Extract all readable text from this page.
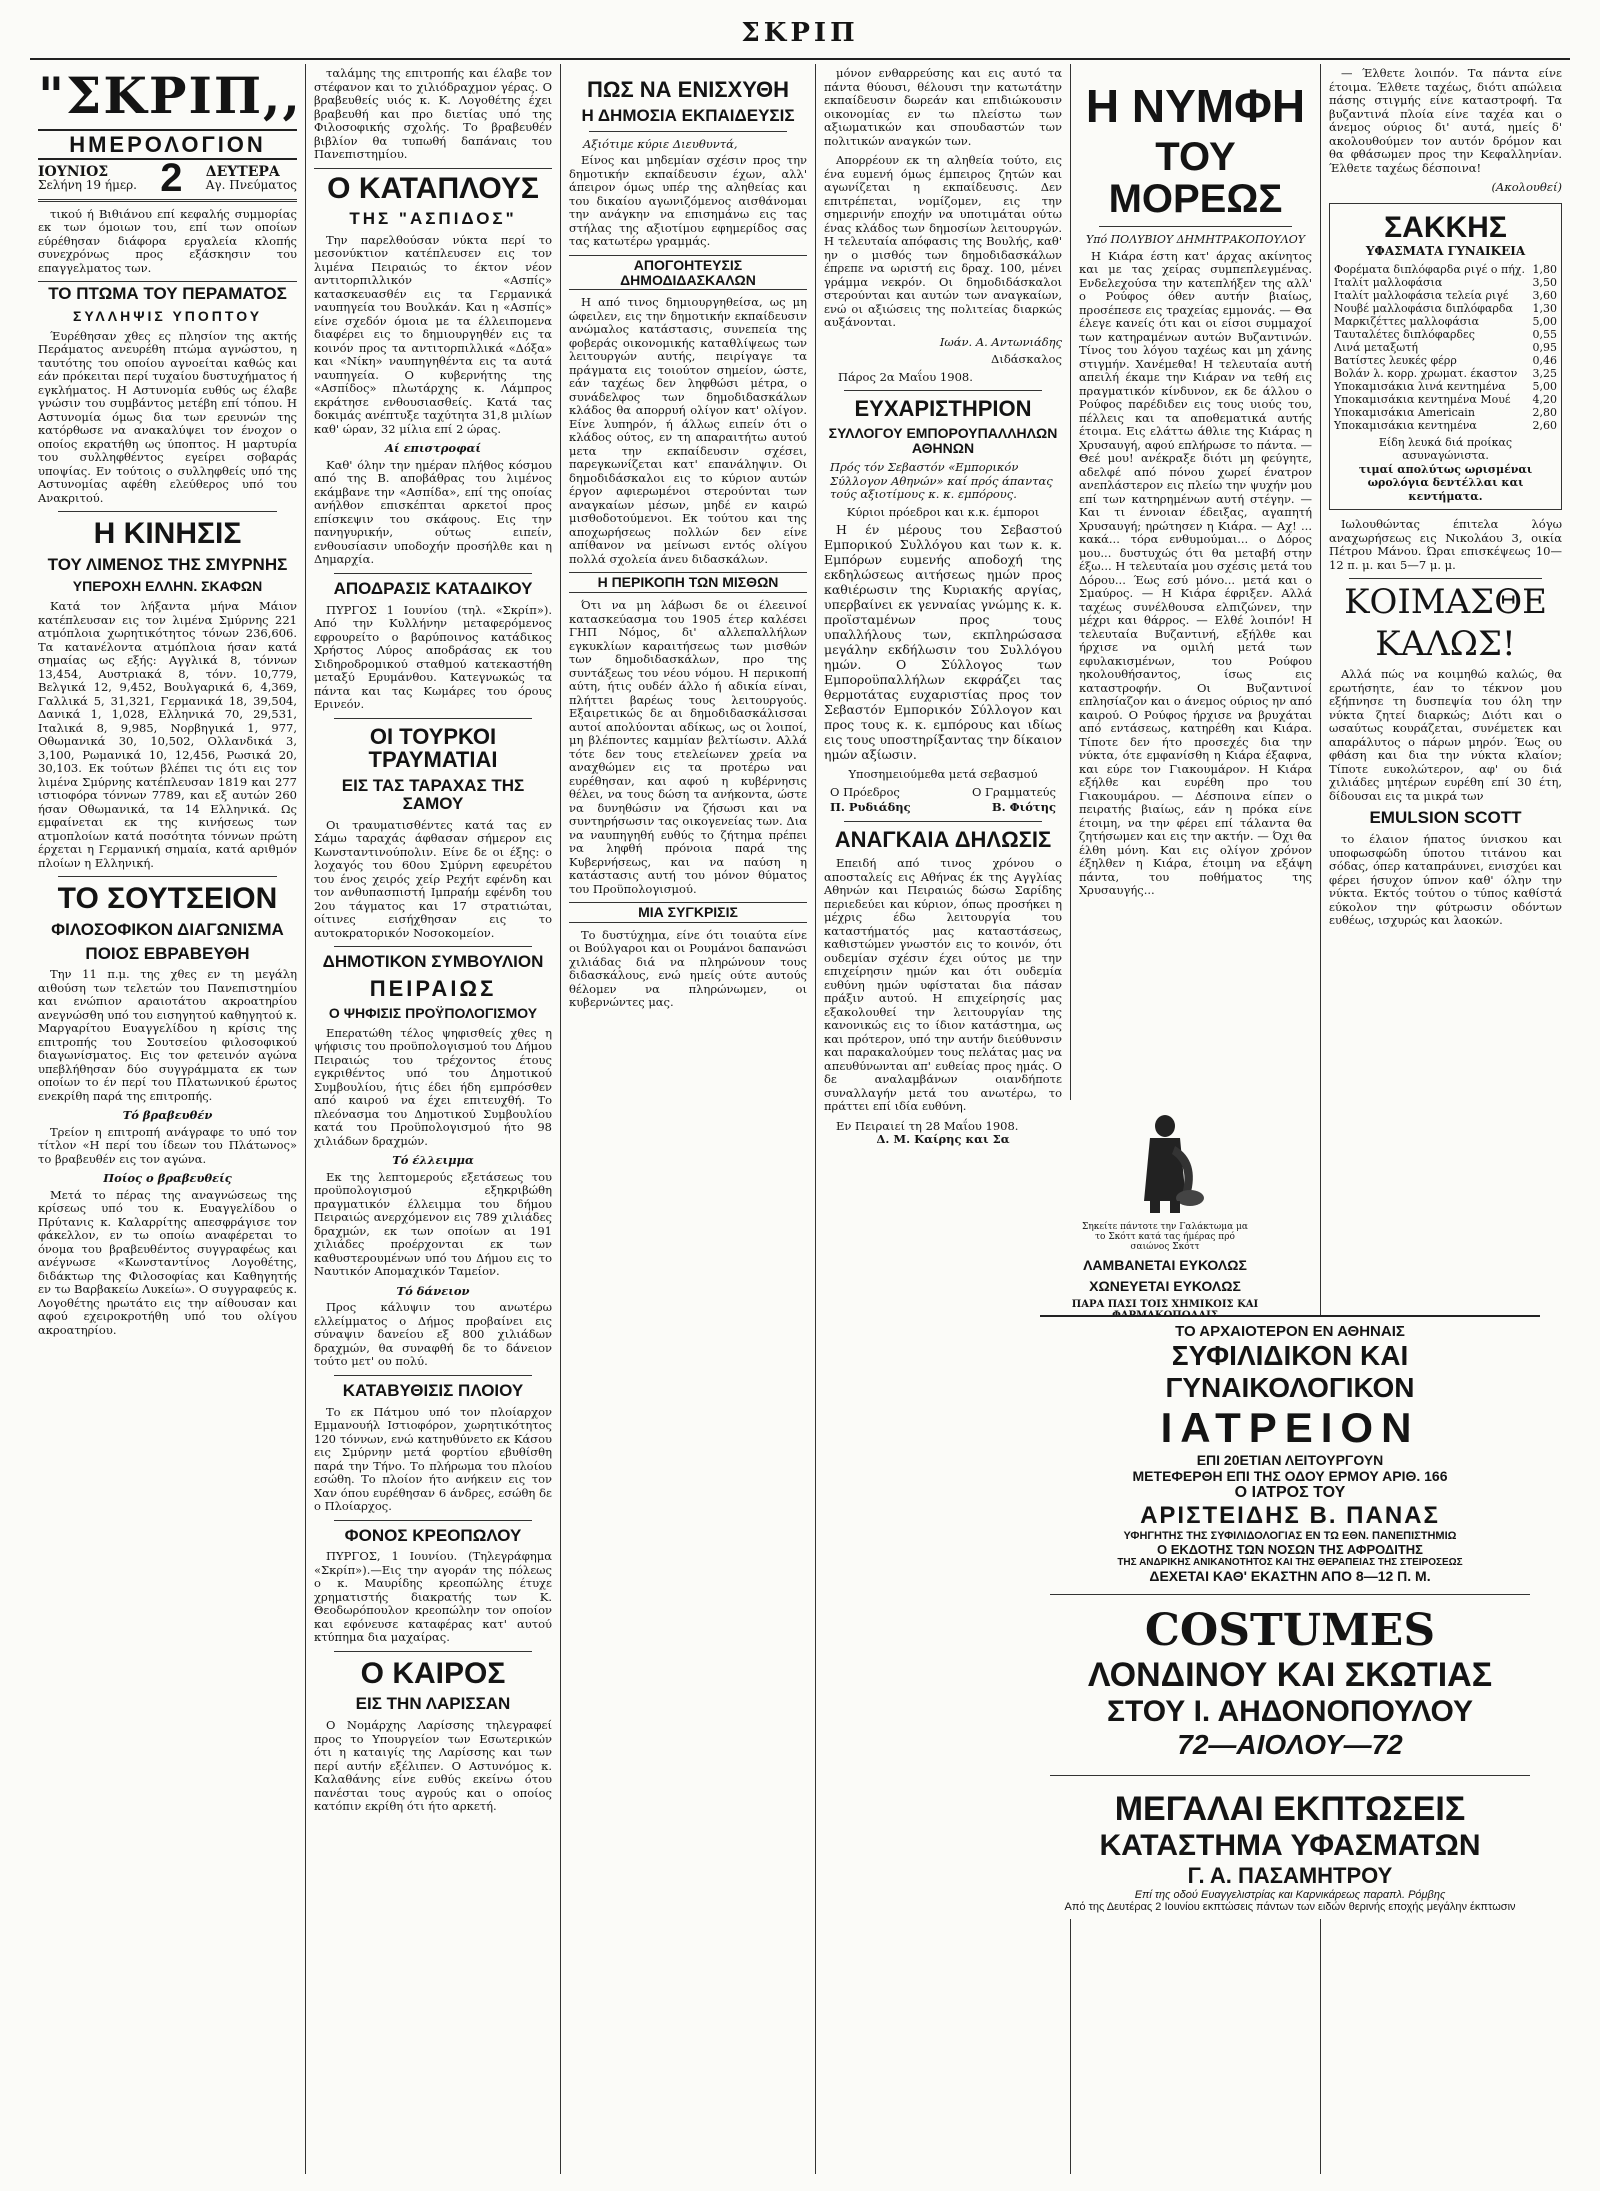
ΣΚΡΙΠ
"ΣΚΡΙΠ,,
ΗΜΕΡΟΛΟΓΙΟΝ
ΙΟΥΝΙΟΣ
Σελήνη 19 ήμερ. 2 ΔΕΥΤΕΡΑ
Αγ. Πνεύματος

τικού ή Βιθιάνου επί κεφαλής συμμορίας εκ των όμοιων του, επί των οποίων εύρέθησαν διάφορα εργαλεία κλοπής συνεχρόνως προς εξάσκησιν του επαγγελματος των.

ΤΟ ΠΤΩΜΑ ΤΟΥ ΠΕΡΑΜΑΤΟΣ
ΣΥΛΛΗΨΙΣ ΥΠΟΠΤΟΥ

Έυρέθησαν χθες ες πλησίον της ακτής Περάματος ανευρέθη πτώμα αγνώστου, η ταυτότης του οποίου αγνοείται καθώς και εάν πρόκειται περί τυχαίου δυστυχήματος ή εγκλήματος. Η Αστυνομία ευθύς ως έλαβε γνώσιν του συμβάντος μετέβη επί τόπου. Η Αστυνομία όμως δια των ερευνών της κατόρθωσε να ανακαλύψει τον ένοχον ο οποίος εκρατήθη ως ύποπτος. Η μαρτυρία του συλληφθέντος εγείρει σοβαράς υποψίας. Εν τούτοις ο συλληφθείς υπό της Αστυνομίας αφέθη ελεύθερος υπό του Ανακριτού.

Η ΚΙΝΗΣΙΣ
ΤΟΥ ΛΙΜΕΝΟΣ ΤΗΣ ΣΜΥΡΝΗΣ
ΥΠΕΡΟΧΗ ΕΛΛΗΝ. ΣΚΑΦΩΝ

Κατά τον λήξαντα μήνα Μάιον κατέπλευσαν εις τον λιμένα Σμύρνης 221 ατμόπλοια χωρητικότητος τόνων 236,606. Τα κατανέλοντα ατμόπλοια ήσαν κατά σημαίας ως εξής: Αγγλικά 8, τόννων 13,454, Αυστριακά 8, τόνν. 10,779, Βελγικά 12, 9,452, Βουλγαρικά 6, 4,369, Γαλλικά 5, 31,321, Γερμανικά 18, 39,504, Δανικά 1, 1,028, Ελληνικά 70, 29,531, Ιταλικά 8, 9,985, Νορβηγικά 1, 977, Οθωμανικά 30, 10,502, Ολλανδικά 3, 3,100, Ρωμανικά 10, 12,456, Ρωσικά 20, 30,103. Εκ τούτων βλέπει τις ότι εις τον λιμένα Σμύρνης κατέπλευσαν 1819 και 277 ιστιοφόρα τόννων 7789, και εξ αυτών 260 ήσαν Οθωμανικά, τα 14 Ελληνικά. Ως εμφαίνεται εκ της κινήσεως των ατμοπλοίων κατά ποσότητα τόννων πρώτη έρχεται η Γερμανική σημαία, κατά αριθμόν πλοίων η Ελληνική.

ΤΟ ΣΟΥΤΣΕΙΟΝ
ΦΙΛΟΣΟΦΙΚΟΝ ΔΙΑΓΩΝΙΣΜΑ
ΠΟΙΟΣ ΕΒΡΑΒΕΥΘΗ

Την 11 π.μ. της χθες εν τη μεγάλη αιθούση των τελετών του Πανεπιστημίου και ενώπιον αραιοτάτου ακροατηρίου ανεγνώσθη υπό του εισηγητού καθηγητού κ. Μαργαρίτου Ευαγγελίδου η κρίσις της επιτροπής του Σουτσείου φιλοσοφικού διαγωνίσματος. Εις τον φετεινόν αγώνα υπεβλήθησαν δύο συγγράμματα εκ των οποίων το έν περί του Πλατωνικού έρωτος ενεκρίθη παρά της επιτροπής.

Τό βραβευθέν

Τρείον η επιτροπή ανάγραφε το υπό τον τίτλον «Η περί του ίδεων του Πλάτωνος» το βραβευθέν εις τον αγώνα.

Ποίος ο βραβευθείς

Μετά το πέρας της αναγνώσεως της κρίσεως υπό του κ. Ευαγγελίδου ο Πρύτανις κ. Καλαρρίτης απεσφράγισε τον φάκελλον, εν τω οποίω αναφέρεται το όνομα του βραβευθέντος συγγραφέως και ανέγνωσε «Κωνσταντίνος Λογοθέτης, διδάκτωρ της Φιλοσοφίας και Καθηγητής εν τω Βαρβακείω Λυκείω». Ο συγγραφεύς κ. Λογοθέτης ηρωτάτο εις την αίθουσαν και αφού εχειροκροτήθη υπό του ολίγου ακροατηρίου.

ταλάμης της επιτροπής και έλαβε τον στέφανον και το χιλιόδραχμον γέρας. Ο βραβευθείς υιός κ. Κ. Λογοθέτης έχει βραβευθή και προ διετίας υπό της Φιλοσοφικής σχολής. Το βραβευθέν βιβλίον θα τυπωθή δαπάναις του Πανεπιστημίου.

Ο ΚΑΤΑΠΛΟΥΣ
ΤΗΣ "ΑΣΠΙΔΟΣ"

Την παρελθούσαν νύκτα περί το μεσονύκτιον κατέπλευσεν εις τον λιμένα Πειραιώς το έκτον νέον αντιτορπιλλικόν «Ασπίς» κατασκευασθέν εις τα Γερμανικά ναυπηγεία του Βουλκάν. Και η «Ασπίς» είνε σχεδόν όμοια με τα έλλειπομενα διαφέρει εις το δημιουργηθέν εις τα κοινόν προς τα αντιτορπιλλικά «Δόξα» και «Νίκη» ναυπηγηθέντα εις τα αυτά ναυπηγεία. Ο κυβερνήτης της «Ασπίδος» πλωτάρχης κ. Λάμπρος εκράτησε ενθουσιασθείς. Κατά τας δοκιμάς ανέπτυξε ταχύτητα 31,8 μιλίων καθ' ώραν, 32 μίλια επί 2 ώρας.

Αί επιστροφαί

Καθ' όλην την ημέραν πλήθος κόσμου από της Β. αποβάθρας του λιμένος εκάμβανε την «Ασπίδα», επί της οποίας ανήλθον επισκέπται αρκετοί προς επίσκεψιν του σκάφους. Εις την πανηγυρικήν, ούτως ειπείν, ενθουσίασιν υποδοχήν προσήλθε και η Δημαρχία.

ΑΠΟΔΡΑΣΙΣ ΚΑΤΑΔΙΚΟΥ

ΠΥΡΓΟΣ 1 Ιουνίου (τηλ. «Σκρίπ»). Από την Κυλλήνην μεταφερόμενος εφρουρείτο ο βαρύποινος κατάδικος Χρήστος Λύρος αποδράσας εκ του Σιδηροδρομικού σταθμού κατεκαστήθη μεταξύ Ερυμάνθου. Κατεγνωκώς τα πάντα και τας Κωμάρες του όρους Ερινεόν.

ΟΙ ΤΟΥΡΚΟΙ ΤΡΑΥΜΑΤΙΑΙ
ΕΙΣ ΤΑΣ ΤΑΡΑΧΑΣ ΤΗΣ ΣΑΜΟΥ

Οι τραυματισθέντες κατά τας εν Σάμω ταραχάς άφθασαν σήμερον εις Κωνσταντινούπολιν. Είνε δε οι έξης: ο λοχαγός του 60ου Σμύρνη εφευρέτου του ένος χειρός χείρ Ρεχήτ εφένδη και τον ανθυπασπιστή Ιμπραήμ εφένδη του 2ου τάγματος και 17 στρατιώται, οίτινες εισήχθησαν εις το αυτοκρατορικόν Νοσοκομείον.

ΔΗΜΟΤΙΚΟΝ ΣΥΜΒΟΥΛΙΟΝ
ΠΕΙΡΑΙΩΣ
Ο ΨΗΦΙΣΙΣ ΠΡΟΫΠΟΛΟΓΙΣΜΟΥ

Επερατώθη τέλος ψηφισθείς χθες η ψήφισις του προϋπολογισμού του Δήμου Πειραιώς του τρέχοντος έτους εγκριθέντος υπό του Δημοτικού Συμβουλίου, ήτις έδει ήδη εμπρόσθεν από καιρού να έχει επιτευχθή. Το πλεόνασμα του Δημοτικού Συμβουλίου κατά του Προϋπολογισμού ήτο 98 χιλιάδων δραχμών.

Τό έλλειμμα

Εκ της λεπτομερούς εξετάσεως του προϋπολογισμού εξηκριβώθη πραγματικόν έλλειμμα του δήμου Πειραιώς ανερχόμενον εις 789 χιλιάδες δραχμών, εκ των οποίων αι 191 χιλιάδες προέρχονται εκ των καθυστερουμένων υπό του Δήμου εις το Ναυτικόν Απομαχικόν Ταμείον.

Τό δάνειον

Προς κάλυψιν του ανωτέρω ελλείμματος ο Δήμος προβαίνει εις σύναψιν δανείου εξ 800 χιλιάδων δραχμών, θα συναφθή δε το δάνειον τούτο μετ' ου πολύ.

ΚΑΤΑΒΥΘΙΣΙΣ ΠΛΟΙΟΥ

Το εκ Πάτμου υπό τον πλοίαρχον Εμμανουήλ Ιστιοφόρον, χωρητικότητος 120 τόννων, ενώ κατηυθύνετο εκ Κάσου εις Σμύρνην μετά φορτίου εβυθίσθη παρά την Τήνο. Το πλήρωμα του πλοίου εσώθη. Το πλοίον ήτο ανήκειν εις τον Χαν όπου ευρέθησαν 6 άνδρες, εσώθη δε ο Πλοίαρχος.

ΦΟΝΟΣ ΚΡΕΟΠΩΛΟΥ

ΠΥΡΓΟΣ, 1 Ιουνίου. (Τηλεγράφημα «Σκρίπ»).—Εις την αγοράν της πόλεως ο κ. Μαυρίδης κρεοπώλης έτυχε χρηματιστής διακρατής των Κ. Θεοδωρόπουλον κρεοπώλην τον οποίον και εφόνευσε καταφέρας κατ' αυτού κτύπημα δια μαχαίρας.

Ο ΚΑΙΡΟΣ
ΕΙΣ ΤΗΝ ΛΑΡΙΣΣΑΝ

Ο Νομάρχης Λαρίσσης τηλεγραφεί προς το Υπουργείον των Εσωτερικών ότι η καταιγίς της Λαρίσσης και των περί αυτήν εξέλιπεν. Ο Αστυνόμος κ. Καλαθάνης είνε ευθύς εκείνω ότου πανέσται τους αγρούς και ο οποίος κατόπιν εκρίθη ότι ήτο αρκετή.

ΠΩΣ ΝΑ ΕΝΙΣΧΥΘΗ
Η ΔΗΜΟΣΙΑ ΕΚΠΑΙΔΕΥΣΙΣ

Αξιότιμε κύριε Διευθυντά,

Είνος και μηδεμίαν σχέσιν προς την δημοτικήν εκπαίδευσιν έχων, αλλ' άπειρον όμως υπέρ της αληθείας και του δικαίου αγωνιζόμενος αισθάνομαι την ανάγκην να επισημάνω εις τας στήλας της αξιοτίμου εφημερίδος σας τας κατωτέρω γραμμάς.

ΑΠΟΓΟΗΤΕΥΣΙΣ ΔΗΜΟΔΙΔΑΣΚΑΛΩΝ

Η από τινος δημιουργηθείσα, ως μη ώφειλεν, εις την δημοτικήν εκπαίδευσιν ανώμαλος κατάστασις, συνεπεία της φοβεράς οικονομικής καταθλίψεως των λειτουργών αυτής, πειρίγαγε τα πράγματα εις τοιούτον σημείον, ώστε, εάν ταχέως δεν ληφθώσι μέτρα, ο συνάδελφος των δημοδιδασκάλων κλάδος θα απορρυή ολίγον κατ' ολίγον. Είνε λυπηρόν, ή άλλως ειπείν ότι ο κλάδος ούτος, εν τη απαραιτήτω αυτού μετα την εκπαίδευσιν σχέσει, παρεγκωνίζεται κατ' επανάληψιν. Οι δημοδιδάσκαλοι εις το κύριον αυτών έργον αφιερωμένοι στερούνται των αναγκαίων μέσων, μηδέ εν καιρώ μισθοδοτούμενοι. Εκ τούτου και της αποχωρήσεως πολλών δεν είνε απίθανον να μείνωσι εντός ολίγου πολλά σχολεία άνευ διδασκάλων.

Η ΠΕΡΙΚΟΠΗ ΤΩΝ ΜΙΣΘΩΝ

Ότι να μη λάβωσι δε οι έλεεινοί κατασκεύασμα του 1905 έτερ καλέσει ΓΗΠ Νόμος, δι' αλλεπαλλήλων εγκυκλίων καραιτήσεως των μισθών των δημοδιδασκάλων, προ της συντάξεως του νέου νόμου. Η περικοπή αύτη, ήτις ουδέν άλλο ή αδικία είναι, πλήττει βαρέως τους λειτουργούς. Εξαιρετικώς δε αι δημοδιδασκάλισσαι αυτοί απολύονται αδίκως, ως οι λοιποί, μη βλέποντες καμμίαν βελτίωσιν. Αλλά τότε δεν τους ετελείωνεν χρεία να αναχθώμεν εις τα προτέρω ναι ευρέθησαν, και αφού η κυβέρνησις θέλει, να τους δώση τα ανήκοντα, ώστε να δυνηθώσιν να ζήσωσι και να συντηρήσωσιν τας οικογενείας των. Δια να ναυπηγηθή ευθύς το ζήτημα πρέπει να ληφθή πρόνοια παρά της Κυβερνήσεως, και να παύση η κατάστασις αυτή του μόνον θύματος του Προϋπολογισμού.

ΜΙΑ ΣΥΓΚΡΙΣΙΣ

Το δυστύχημα, είνε ότι τοιαύτα είνε οι Βούλγαροι και οι Ρουμάνοι δαπανώσι χιλιάδας διά να πληρώνουν τους διδασκάλους, ενώ ημείς ούτε αυτούς θέλομεν να πληρώνωμεν, οι κυβερνώντες μας.

μόνον ενθαρρεύσης και εις αυτό τα πάντα θύουσι, θέλουσι την κατωτάτην εκπαίδευσιν δωρεάν και επιδιώκουσιν οικονομίας εν τω πλείστω των αξιωματικών και σπουδαστών των πολιτικών αναγκών των.

Απορρέουν εκ τη αληθεία τούτο, εις ένα ευμενή όμως έμπειρος ζητών και αγωνίζεται η εκπαίδευσις. Δεν επιτρέπεται, νομίζομεν, εις την σημερινήν εποχήν να υποτιμάται ούτω ένας κλάδος των δημοσίων λειτουργών. Η τελευταία απόφασις της Βουλής, καθ' ην ο μισθός των δημοδιδασκάλων έπρεπε να ωριστή εις δραχ. 100, μένει γράμμα νεκρόν. Οι δημοδιδάσκαλοι στερούνται και αυτών των αναγκαίων, ενώ οι αξιώσεις της πολιτείας διαρκώς αυξάνονται.

Ιωάν. Α. Αντωνιάδης
Διδάσκαλος
Πάρος 2α Μαΐου 1908.
ΕΥΧΑΡΙΣΤΗΡΙΟΝ
ΣΥΛΛΟΓΟΥ ΕΜΠΟΡΟΥΠΑΛΛΗΛΩΝ ΑΘΗΝΩΝ

Πρός τόν Σεβαστόν «Εμπορικόν Σύλλογον Αθηνών» καί πρός άπαντας τούς αξιοτίμους κ. κ. εμπόρους.

Κύριοι πρόεδροι και κ.κ. έμποροι

Η έν μέρους του Σεβαστού Εμπορικού Συλλόγου και των κ. κ. Εμπόρων ευμενής αποδοχή της εκδηλώσεως αιτήσεως ημών προς καθιέρωσιν της Κυριακής αργίας, υπερβαίνει εκ γενναίας γνώμης κ. κ. προϊσταμένων προς τους υπαλλήλους των, εκπληρώσασα μεγάλην εκδήλωσιν του Συλλόγου ημών. Ο Σύλλογος των Εμποροϋπαλλήλων εκφράζει τας θερμοτάτας ευχαριστίας προς τον Σεβαστόν Εμπορικόν Σύλλογον και προς τους κ. κ. εμπόρους και ιδίως εις τους υποστηρίξαντας την δίκαιον ημών αξίωσιν.

Υποσημειούμεθα μετά σεβασμού

Ο Πρόεδρος	Ο Γραμματεύς
Π. Ρυδιάδης	Β. Φιότης
ΑΝΑΓΚΑΙΑ ΔΗΛΩΣΙΣ

Επειδή από τινος χρόνου ο αποσταλείς εις Αθήνας έκ της Αγγλίας Αθηνών και Πειραιώς δώσω Σαρίδης περιεδεύει και κύριον, όπως προσήκει η μέχρις έδω λειτουργία του καταστήματός μας καταστάσεως, καθιστώμεν γνωστόν εις το κοινόν, ότι ουδεμίαν σχέσιν έχει ούτος με την επιχείρησιν ημών και ότι ουδεμία ευθύνη ημών υφίσταται δια πάσαν πράξιν αυτού. Η επιχείρησίς μας εξακολουθεί την λειτουργίαν της κανονικώς εις το ίδιον κατάστημα, ως και πρότερον, υπό την αυτήν διεύθυνσιν και παρακαλούμεν τους πελάτας μας να απευθύνωνται απ' ευθείας προς ημάς. Ο δε αναλαμβάνων οιανδήποτε συναλλαγήν μετά του ανωτέρω, το πράττει επί ιδία ευθύνη.

Εν Πειραιεί τη 28 Μαΐου 1908.
Δ. Μ. Καίρης και Σα
Η ΝΥΜΦΗ
ΤΟΥ ΜΟΡΕΩΣ
Υπό ΠΟΛΥΒΙΟΥ ΔΗΜΗΤΡΑΚΟΠΟΥΛΟΥ

Η Κιάρα έστη κατ' άρχας ακίνητος και με τας χείρας συμπεπλεγμένας. Ενδελεχούσα την κατεπλήξεν της αλλ' ο Ρούφος όθεν αυτήν βιαίως, προσέπεσε εις τραχείας εμμονάς. — Θα έλεγε κανείς ότι και οι είσοι συμμαχοί των κατηραμένων αυτών Βυζαντινών. Τίνος του λόγου ταχέως και μη χάνης στιγμήν. Χανέμεθα! Η τελευταία αυτή απειλή έκαμε την Κιάραν να τεθή εις πραγματικόν κίνδυνον, εκ δε άλλου ο Ρούφος παρέδιδεν εις τους υιούς του, πέλλεις και τα αποθεματικά αυτής έτοιμα. Εις ελάττω άθλιε της Κιάρας η Χρυσαυγή, αφού επλήρωσε το πάντα. — Θεέ μου! ανέκραξε διότι μη φεύγητε, αδελφέ από πόνου χωρεί ένατρον ανεπλάστερον εις πλείω την ψυχήν μου επί των κατηρημένων αυτή στέγην. — Και τι έννοιαν έδειξας, αγαπητή Χρυσαυγή; ηρώτησεν η Κιάρα. — Αχ! ... κακά... τόρα ενθυμούμαι... ο Δόρος μου... δυστυχώς ότι θα μεταβή στην έξω... Η τελευταία μου σχέσις μετά του Δόρου... Έως εσύ μόνο... μετά και ο Σμαύρος. — Η Κιάρα έφριξεν. Αλλά ταχέως συνέλθουσα ελπιζώνεν, την μέχρι και θάρρος. — Ελθέ λοιπόν! Η τελευταία Βυζαντινή, εξήλθε και ήρχισε να ομιλή μετά των εφυλακισμένων, του Ρούφου ηκολουθήσαντος, ίσως εις καταστροφήν. Οι Βυζαντινοί επλησίαζον και ο άνεμος ούριος ην από καιρού. Ο Ρούφος ήρχισε να βρυχάται από εντάσεως, κατηρέθη και Κιάρα. Τίποτε δεν ήτο προσεχές δια την νύκτα, ότε εμφανίσθη η Κιάρα έξαφνα, και εύρε τον Γιακουμάρον. Η Κιάρα εξήλθε και ευρέθη προ του Γιακουμάρου. — Δέσποινα είπεν ο πειρατής βιαίως, εάν η πρόκα είνε έτοιμη, να την φέρει επί τάλαντα θα ζητήσωμεν και εις την ακτήν. — Όχι θα έλθη μόνη. Και εις ολίγον χρόνον έξηλθεν η Κιάρα, έτοιμη να εξάψη πάντα, του ποθήματος της Χρυσαυγής...

— Έλθετε λοιπόν. Τα πάντα είνε έτοιμα. Έλθετε ταχέως, διότι απώλεια πάσης στιγμής είνε καταστροφή. Τα βυζαντινά πλοία είνε ταχέα και ο άνεμος ούριος δι' αυτά, ημείς δ' ακολουθούμεν τον αυτόν δρόμον και θα φθάσωμεν προς την Κεφαλληνίαν. Έλθετε ταχέως δέσποινα!

(Ακολουθεί)
ΣΑΚΚΗΣ
ΥΦΑΣΜΑΤΑ ΓΥΝΑΙΚΕΙΑ
Φορέματα διπλόφαρδα ριγέ ο πήχ. 1,80
Ιταλίτ μαλλοφάσια	3,50
Ιταλίτ μαλλοφάσια τελεία ριγέ 3,60
Νουβέ μαλλοφάσια διπλόφαρδα 1,30
Μαρκιζέττες μαλλοφάσια	5,00
Ταυταλέτες διπλόφαρδες	0,55
Λινά μεταξωτή	0,95
Βατίστες λευκές φέρρ	0,46
Βολάν λ. κορρ. χρωματ. έκαστον 3,25
Υποκαμισάκια λινά κεντημένα 5,00
Υποκαμισάκια κεντημένα Μουέ 4,20
Υποκαμισάκια Americain	2,80
Υποκαμισάκια κεντημένα	2,60
Είδη λευκά διά προίκας ασυναγώνιστα.
τιμαί απολύτως ωρισμέναι
ωρολόγια δεντέλλαι και κεντήματα.

Ιωλουθώντας έπιτελα λόγω αναχωρήσεως εις Νικολάου 3, οικία Πέτρου Μάνου. Ώραι επισκέψεως 10—12 π. μ. και 5—7 μ. μ.

ΚΟΙΜΑΣΘΕ
ΚΑΛΩΣ!

Αλλά πώς να κοιμηθώ καλώς, θα ερωτήσητε, έαν το τέκνον μου εξήπνησε τη δυσπεψία του όλη την νύκτα ζητεί διαρκώς; Διότι και ο ωσαύτως κουράζεται, συνέμετεκ και απαράλυτος ο πάρων μηρόν. Έως ου φθάση και δια την νύκτα κλαίον; Τίποτε ευκολώτερον, αφ' ου διά χιλιάδες μητέρων ευρέθη επί 30 έτη, δίδουσαι εις τα μικρά των

EMULSION SCOTT

το έλαιον ήπατος ύνισκου και υποφωσφώδη ύποτου τιτάνου και σόδας, όπερ καταπράυνει, ενισχύει και φέρει ήσυχον ύπνον καθ' όλην την νύκτα. Εκτός τούτου ο τύπος καθίστά εύκολον την φύτρωσιν οδόντων ευθέως, ισχυρώς και λαοκών.

Σηκείτε πάντοτε την Γαλάκτωμα μα το Σκόττ κατά τας ήμέρας πρό σαιώνος Σκόττ
ΛΑΜΒΑΝΕΤΑΙ ΕΥΚΟΛΩΣ
ΧΩΝΕΥΕΤΑΙ ΕΥΚΟΛΩΣ
ΠΑΡΑ ΠΑΣΙ ΤΟΙΣ ΧΗΜΙΚΟΙΣ ΚΑΙ
ΤΟ ΑΡΧΑΙΟΤΕΡΟΝ ΕΝ ΑΘΗΝΑΙΣ
ΣΥΦΙΛΙΔΙΚΟΝ ΚΑΙ ΓΥΝΑΙΚΟΛΟΓΙΚΟΝ
ΙΑΤΡΕΙΟΝ
ΕΠΙ 20ΕΤΙΑΝ ΛΕΙΤΟΥΡΓΟΥΝ
ΜΕΤΕΦΕΡΘΗ ΕΠΙ ΤΗΣ ΟΔΟΥ ΕΡΜΟΥ ΑΡΙΘ. 166
Ο ΙΑΤΡΟΣ ΤΟΥ
ΑΡΙΣΤΕΙΔΗΣ Β. ΠΑΝΑΣ
ΥΦΗΓΗΤΗΣ ΤΗΣ ΣΥΦΙΛΙΔΟΛΟΓΙΑΣ ΕΝ ΤΩ ΕΘΝ. ΠΑΝΕΠΙΣΤΗΜΙΩ
Ο ΕΚΔΟΤΗΣ ΤΩΝ ΝΟΣΩΝ ΤΗΣ ΑΦΡΟΔΙΤΗΣ
ΤΗΣ ΑΝΔΡΙΚΗΣ ΑΝΙΚΑΝΟΤΗΤΟΣ ΚΑΙ ΤΗΣ ΘΕΡΑΠΕΙΑΣ ΤΗΣ ΣΤΕΙΡΟΣΕΩΣ
ΔΕΧΕΤΑΙ ΚΑΘ' ΕΚΑΣΤΗΝ ΑΠΟ 8—12 Π. Μ.
COSTUMES
ΛΟΝΔΙΝΟΥ ΚΑΙ ΣΚΩΤΙΑΣ
ΣΤΟΥ Ι. ΑΗΔΟΝΟΠΟΥΛΟΥ
72—ΑΙΟΛΟΥ—72
ΜΕΓΑΛΑΙ ΕΚΠΤΩΣΕΙΣ
ΚΑΤΑΣΤΗΜΑ ΥΦΑΣΜΑΤΩΝ
Γ. Α. ΠΑΣΑΜΗΤΡΟΥ
Επί της οδού Ευαγγελιστρίας και Καρνικάρεως παραπλ. Ρόμβης
Από της Δευτέρας 2 Ιουνίου εκπτώσεις πάντων των ειδών θερινής εποχής μεγάλην έκπτωσιν
